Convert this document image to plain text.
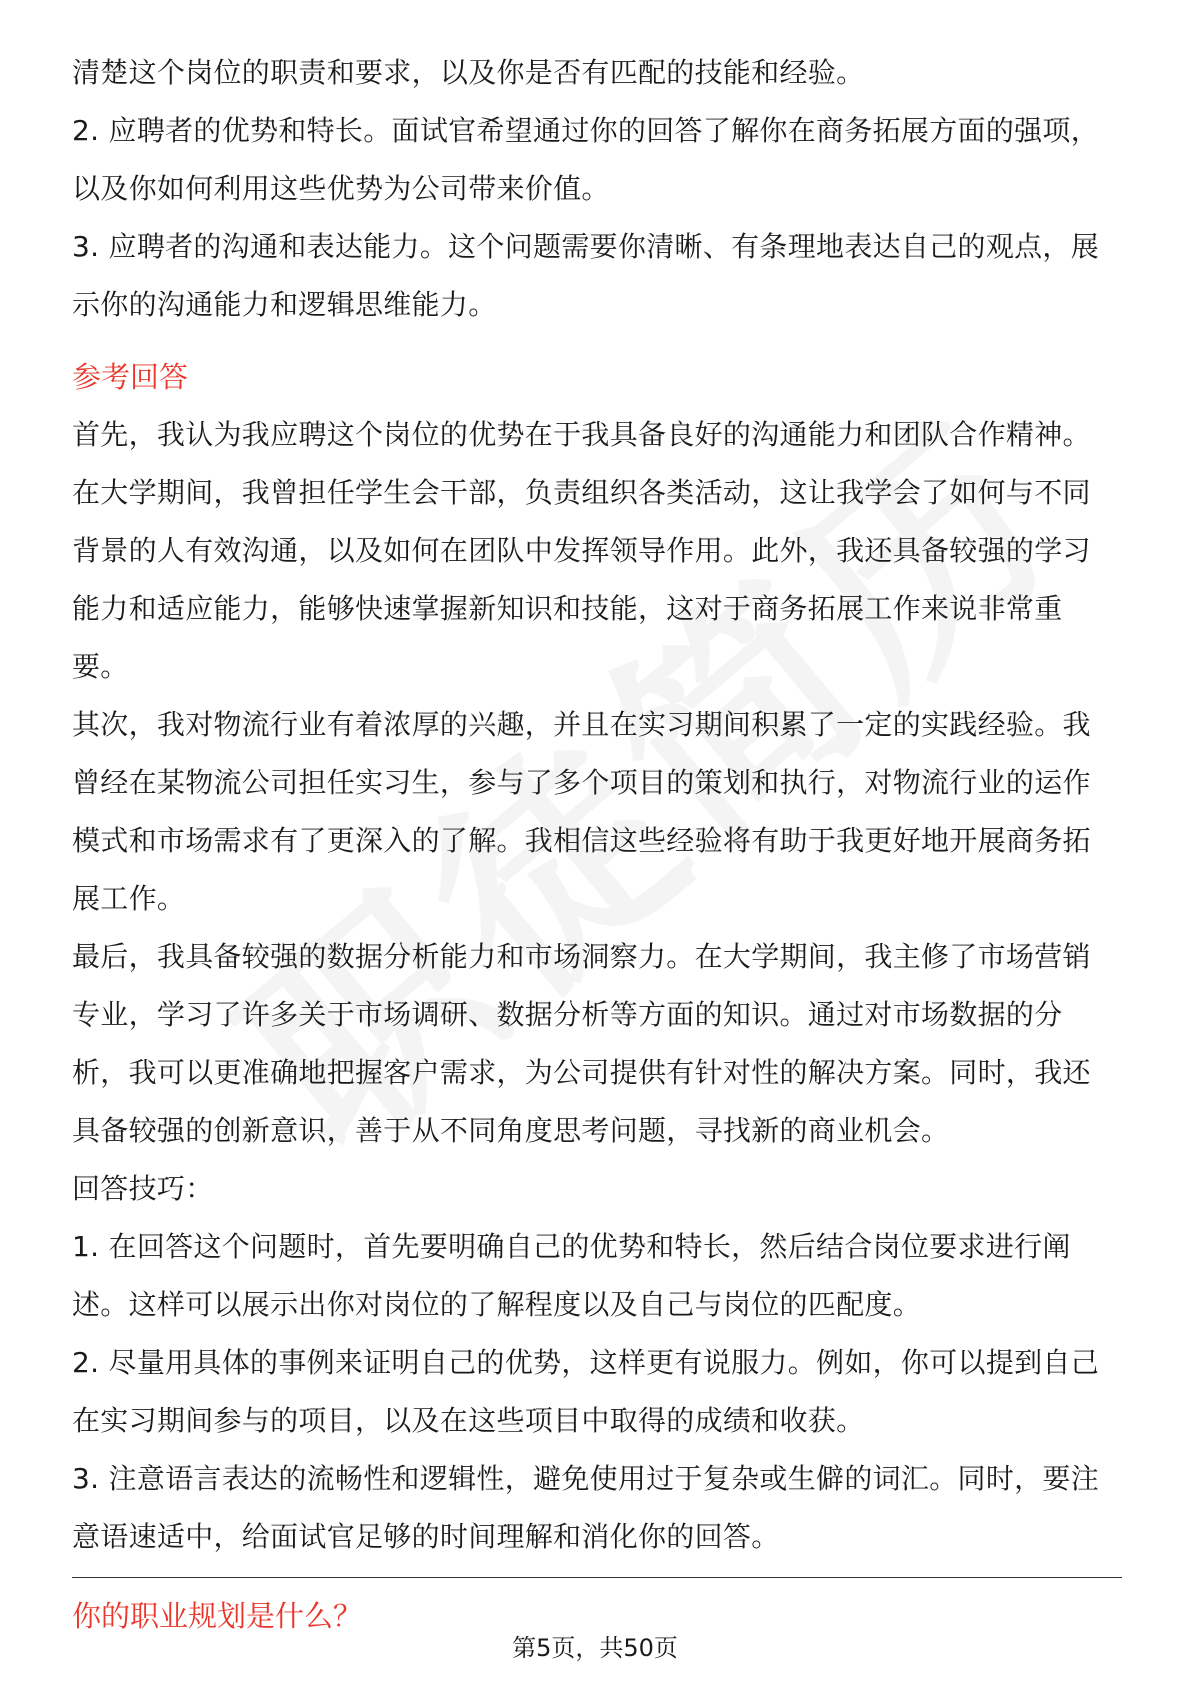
清楚这个岗位的职责和要求，以及你是否有匹配的技能和经验。
2. 应聘者的优势和特长。面试官希望通过你的回答了解你在商务拓展方面的强项，
以及你如何利用这些优势为公司带来价值。
3. 应聘者的沟通和表达能力。这个问题需要你清晰、有条理地表达自己的观点，展
示你的沟通能力和逻辑思维能力。
参考回答
首先，我认为我应聘这个岗位的优势在于我具备良好的沟通能力和团队合作精神。
在大学期间，我曾担任学生会干部，负责组织各类活动，这让我学会了如何与不同
背景的人有效沟通，以及如何在团队中发挥领导作用。此外，我还具备较强的学习
能力和适应能力，能够快速掌握新知识和技能，这对于商务拓展工作来说非常重
要。
其次，我对物流行业有着浓厚的兴趣，并且在实习期间积累了一定的实践经验。我
曾经在某物流公司担任实习生，参与了多个项目的策划和执行，对物流行业的运作
模式和市场需求有了更深入的了解。我相信这些经验将有助于我更好地开展商务拓
展工作。
最后，我具备较强的数据分析能力和市场洞察力。在大学期间，我主修了市场营销
专业，学习了许多关于市场调研、数据分析等方面的知识。通过对市场数据的分
析，我可以更准确地把握客户需求，为公司提供有针对性的解决方案。同时，我还
具备较强的创新意识，善于从不同角度思考问题，寻找新的商业机会。
回答技巧：
1. 在回答这个问题时，首先要明确自己的优势和特长，然后结合岗位要求进行阐
述。这样可以展示出你对岗位的了解程度以及自己与岗位的匹配度。
2. 尽量用具体的事例来证明自己的优势，这样更有说服力。例如，你可以提到自己
在实习期间参与的项目，以及在这些项目中取得的成绩和收获。
3. 注意语言表达的流畅性和逻辑性，避免使用过于复杂或生僻的词汇。同时，要注
意语速适中，给面试官足够的时间理解和消化你的回答。
你的职业规划是什么？
第5页，共50页
